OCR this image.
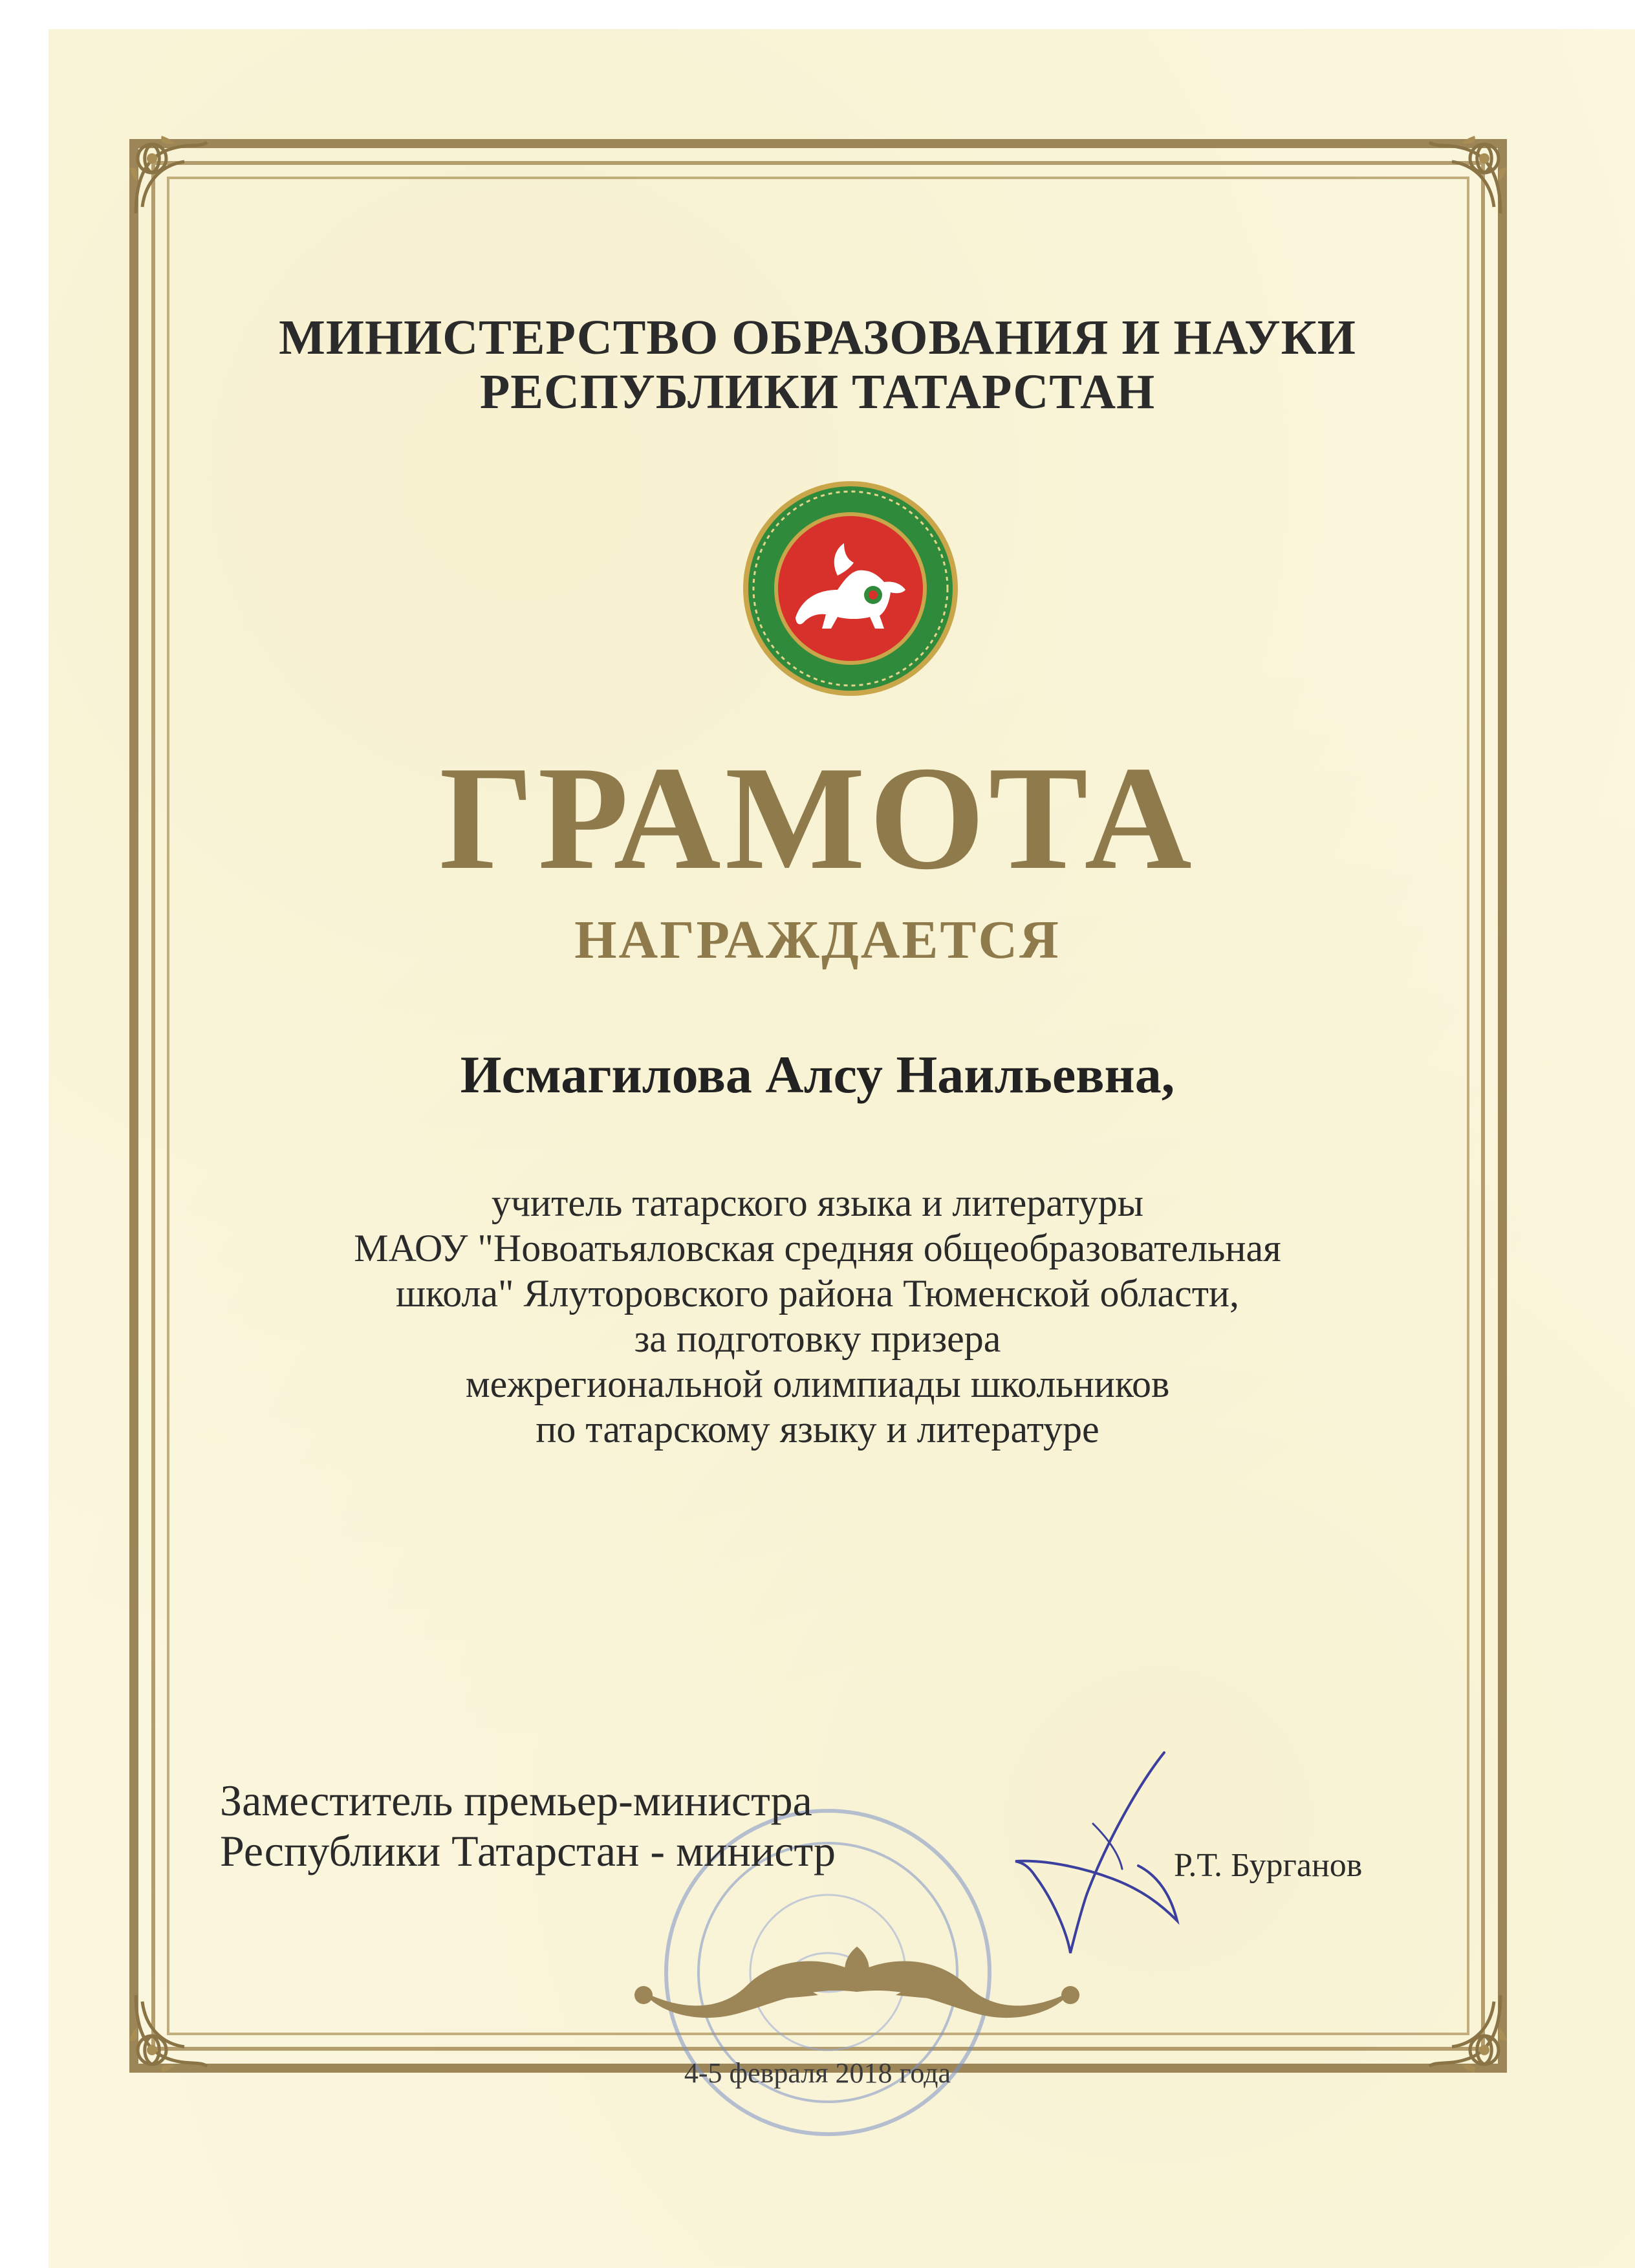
МИНИСТЕРСТВО ОБРАЗОВАНИЯ И НАУКИ
РЕСПУБЛИКИ ТАТАРСТАН
ГРАМОТА
НАГРАЖДАЕТСЯ
Исмагилова Алсу Наильевна,
учитель татарского языка и литературы
МАОУ "Новоатьяловская средняя общеобразовательная
школа" Ялуторовского района Тюменской области,
за подготовку призера
межрегиональной олимпиады школьников
по татарскому языку и литературе
Заместитель премьер-министра
Республики Татарстан - министр	Р.Т. Бурганов
4-5 февраля 2018 года
